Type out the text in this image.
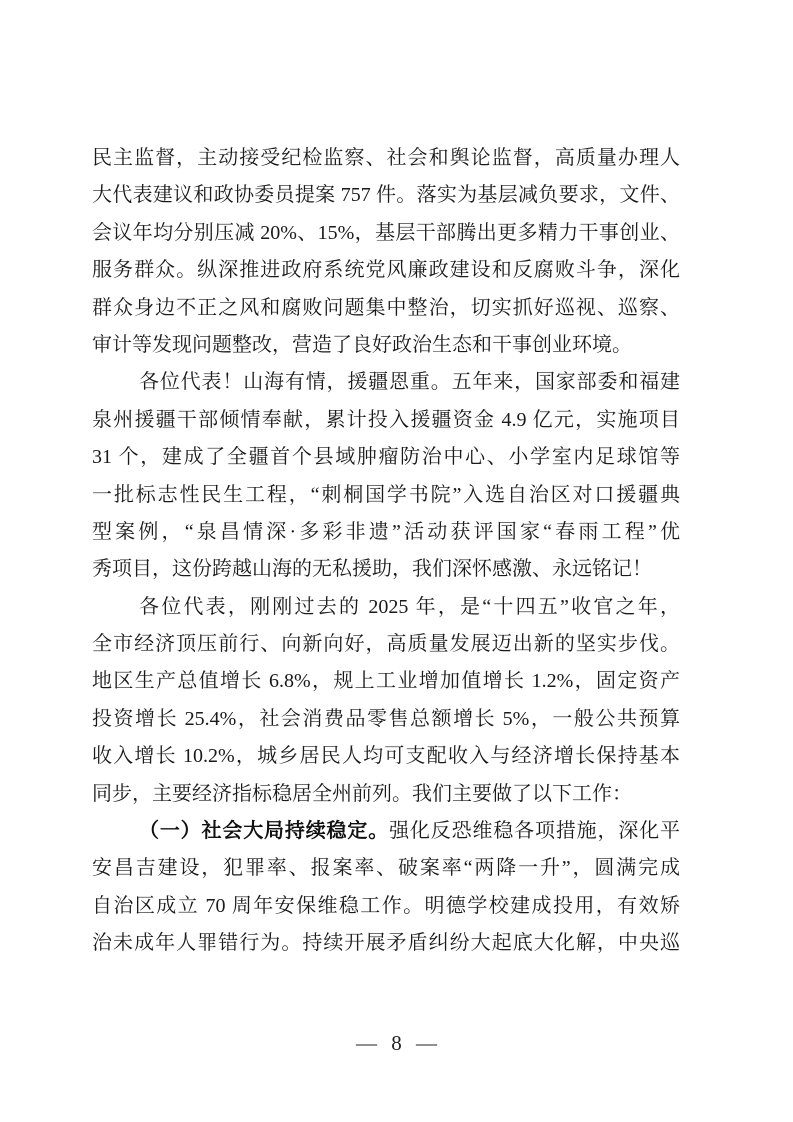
民主监督，主动接受纪检监察、社会和舆论监督，高质量办理人
大代表建议和政协委员提案 757 件。落实为基层减负要求，文件、
会议年均分别压减 20%、15%，基层干部腾出更多精力干事创业、
服务群众。纵深推进政府系统党风廉政建设和反腐败斗争，深化
群众身边不正之风和腐败问题集中整治，切实抓好巡视、巡察、
审计等发现问题整改，营造了良好政治生态和干事创业环境。
各位代表！山海有情，援疆恩重。五年来，国家部委和福建
泉州援疆干部倾情奉献，累计投入援疆资金 4.9 亿元，实施项目
31 个，建成了全疆首个县域肿瘤防治中心、小学室内足球馆等
一批标志性民生工程，“刺桐国学书院”入选自治区对口援疆典
型案例，“泉昌情深·多彩非遗”活动获评国家“春雨工程”优
秀项目，这份跨越山海的无私援助，我们深怀感激、永远铭记！
各位代表，刚刚过去的 2025 年，是“十四五”收官之年，
全市经济顶压前行、向新向好，高质量发展迈出新的坚实步伐。
地区生产总值增长 6.8%，规上工业增加值增长 1.2%，固定资产
投资增长 25.4%，社会消费品零售总额增长 5%，一般公共预算
收入增长 10.2%，城乡居民人均可支配收入与经济增长保持基本
同步，主要经济指标稳居全州前列。我们主要做了以下工作：
（一）社会大局持续稳定。强化反恐维稳各项措施，深化平
安昌吉建设，犯罪率、报案率、破案率“两降一升”，圆满完成
自治区成立 70 周年安保维稳工作。明德学校建成投用，有效矫
治未成年人罪错行为。持续开展矛盾纠纷大起底大化解，中央巡
— 8 —
